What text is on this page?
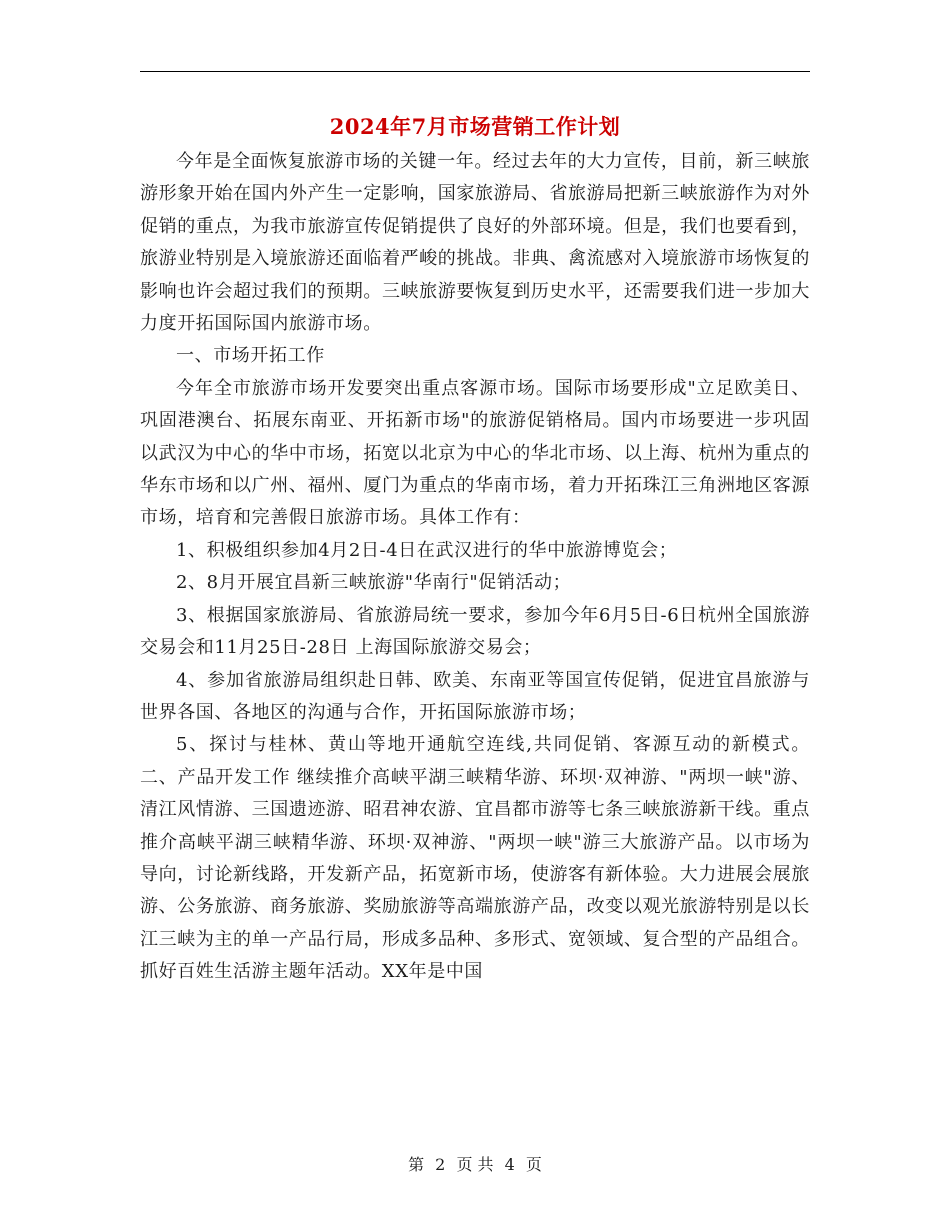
2024年7月市场营销工作计划

今年是全面恢复旅游市场的关键一年。经过去年的大力宣传，目前，新三峡旅游形象开始在国内外产生一定影响，国家旅游局、省旅游局把新三峡旅游作为对外促销的重点，为我市旅游宣传促销提供了良好的外部环境。但是，我们也要看到，旅游业特别是入境旅游还面临着严峻的挑战。非典、禽流感对入境旅游市场恢复的影响也许会超过我们的预期。三峡旅游要恢复到历史水平，还需要我们进一步加大力度开拓国际国内旅游市场。

一、市场开拓工作

今年全市旅游市场开发要突出重点客源市场。国际市场要形成"立足欧美日、巩固港澳台、拓展东南亚、开拓新市场"的旅游促销格局。国内市场要进一步巩固以武汉为中心的华中市场，拓宽以北京为中心的华北市场、以上海、杭州为重点的华东市场和以广州、福州、厦门为重点的华南市场，着力开拓珠江三角洲地区客源市场，培育和完善假日旅游市场。具体工作有：

1、积极组织参加4月2日-4日在武汉进行的华中旅游博览会；

2、8月开展宜昌新三峡旅游"华南行"促销活动；

3、根据国家旅游局、省旅游局统一要求，参加今年6月5日-6日杭州全国旅游交易会和11月25日-28日 上海国际旅游交易会；

4、参加省旅游局组织赴日韩、欧美、东南亚等国宣传促销，促进宜昌旅游与世界各国、各地区的沟通与合作，开拓国际旅游市场；

5、探讨与桂林、黄山等地开通航空连线,共同促销、客源互动的新模式。 二、产品开发工作 继续推介高峡平湖三峡精华游、环坝·双神游、"两坝一峡"游、清江风情游、三国遗迹游、昭君神农游、宜昌都市游等七条三峡旅游新干线。重点推介高峡平湖三峡精华游、环坝·双神游、"两坝一峡"游三大旅游产品。以市场为导向，讨论新线路，开发新产品，拓宽新市场，使游客有新体验。大力进展会展旅游、公务旅游、商务旅游、奖励旅游等高端旅游产品，改变以观光旅游特别是以长江三峡为主的单一产品行局，形成多品种、多形式、宽领域、复合型的产品组合。抓好百姓生活游主题年活动。XX年是中国

第 2 页 共 4 页
